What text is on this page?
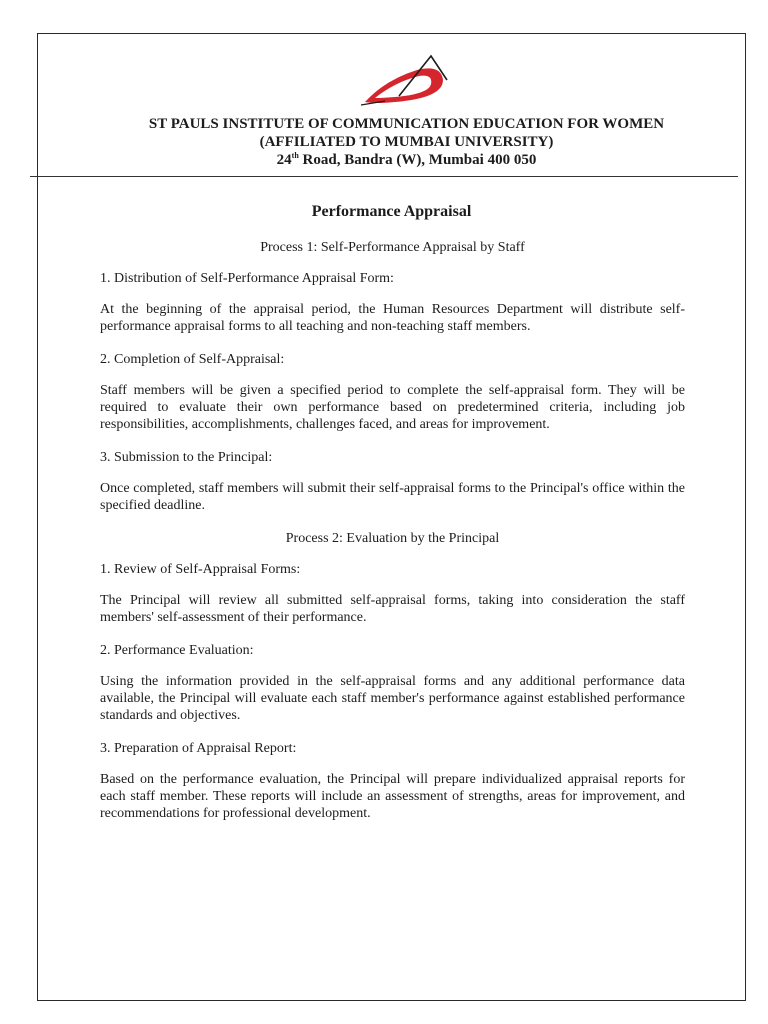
ST PAULS INSTITUTE OF COMMUNICATION EDUCATION FOR WOMEN
(AFFILIATED TO MUMBAI UNIVERSITY)
24th Road, Bandra (W), Mumbai 400 050
Performance Appraisal

Process 1: Self-Performance Appraisal by Staff

1. Distribution of Self-Performance Appraisal Form:

At the beginning of the appraisal period, the Human Resources Department will distribute self-performance appraisal forms to all teaching and non-teaching staff members.

2. Completion of Self-Appraisal:

Staff members will be given a specified period to complete the self-appraisal form. They will be required to evaluate their own performance based on predetermined criteria, including job responsibilities, accomplishments, challenges faced, and areas for improvement.

3. Submission to the Principal:

Once completed, staff members will submit their self-appraisal forms to the Principal's office within the specified deadline.

Process 2: Evaluation by the Principal

1. Review of Self-Appraisal Forms:

The Principal will review all submitted self-appraisal forms, taking into consideration the staff members' self-assessment of their performance.

2. Performance Evaluation:

Using the information provided in the self-appraisal forms and any additional performance data available, the Principal will evaluate each staff member's performance against established performance standards and objectives.

3. Preparation of Appraisal Report:

Based on the performance evaluation, the Principal will prepare individualized appraisal reports for each staff member. These reports will include an assessment of strengths, areas for improvement, and recommendations for professional development.
